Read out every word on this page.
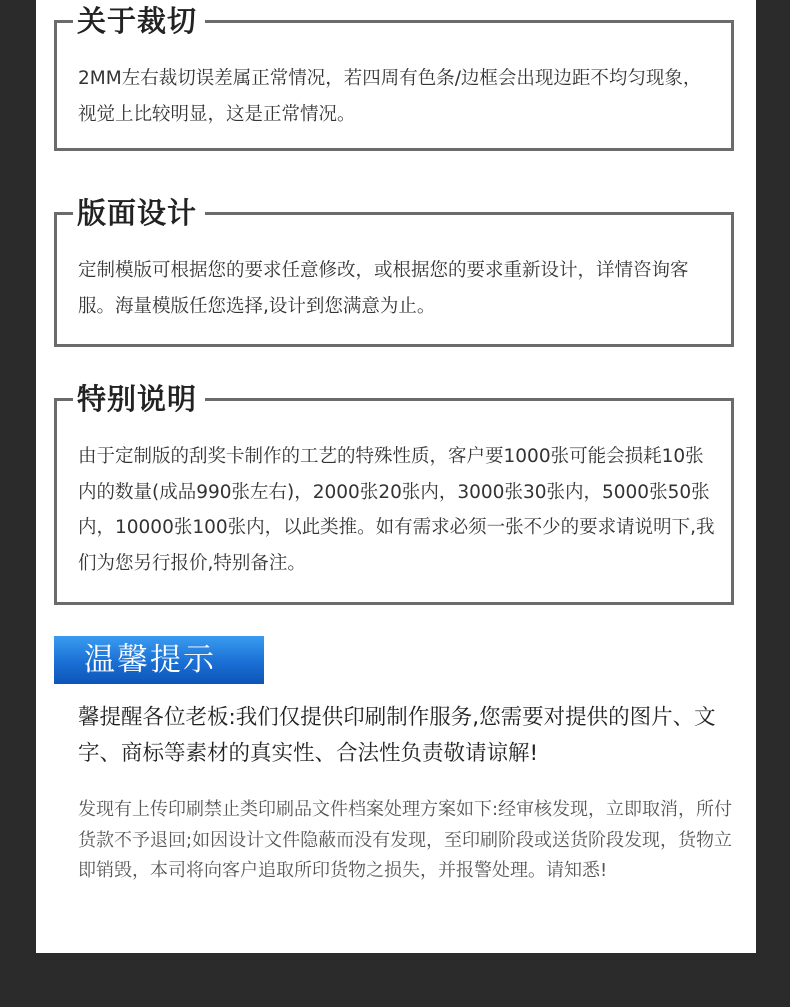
关于裁切
2MM左右裁切误差属正常情况，若四周有色条/边框会出现边距不均匀现象，视觉上比较明显，这是正常情况。
版面设计
定制模版可根据您的要求任意修改，或根据您的要求重新设计，详情咨询客服。海量模版任您选择,设计到您满意为止。
特别说明
由于定制版的刮奖卡制作的工艺的特殊性质，客户要1000张可能会损耗10张内的数量(成品990张左右)，2000张20张内，3000张30张内，5000张50张内，10000张100张内，以此类推。如有需求必须一张不少的要求请说明下,我们为您另行报价,特别备注。
温馨提示
馨提醒各位老板:我们仅提供印刷制作服务,您需要对提供的图片、文字、商标等素材的真实性、合法性负责敬请谅解!
发现有上传印刷禁止类印刷品文件档案处理方案如下:经审核发现，立即取消，所付货款不予退回;如因设计文件隐蔽而没有发现，至印刷阶段或送货阶段发现，货物立即销毁，本司将向客户追取所印货物之损失，并报警处理。请知悉!
